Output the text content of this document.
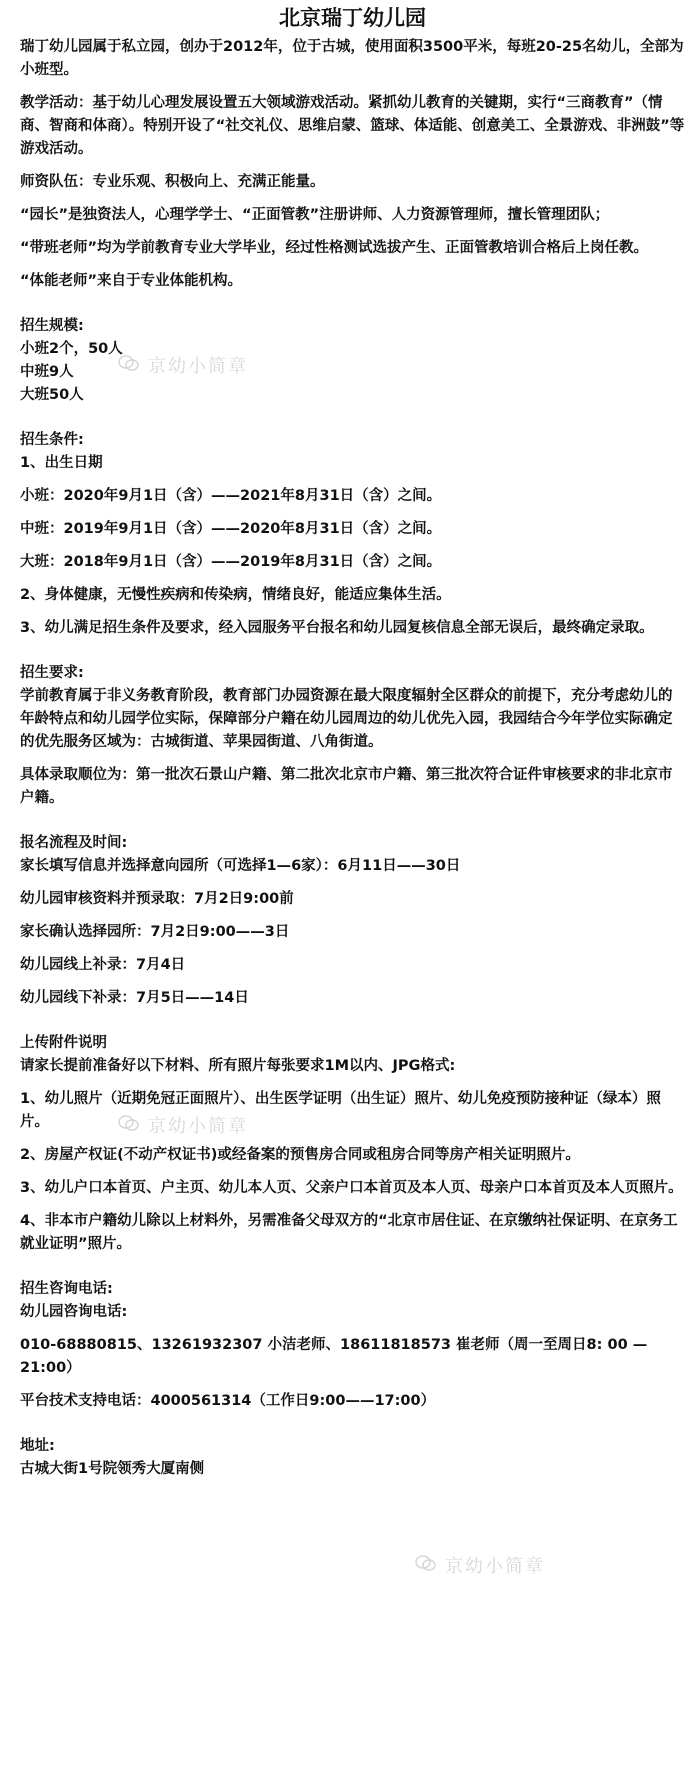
北京瑞丁幼儿园

瑞丁幼儿园属于私立园，创办于2012年，位于古城，使用面积3500平米，每班20-25名幼儿，全部为小班型。

教学活动：基于幼儿心理发展设置五大领域游戏活动。紧抓幼儿教育的关键期，实行“三商教育”（情商、智商和体商）。特别开设了“社交礼仪、思维启蒙、篮球、体适能、创意美工、全景游戏、非洲鼓”等游戏活动。

师资队伍：专业乐观、积极向上、充满正能量。

“园长”是独资法人，心理学学士、“正面管教”注册讲师、人力资源管理师，擅长管理团队；

“带班老师”均为学前教育专业大学毕业，经过性格测试选拔产生、正面管教培训合格后上岗任教。

“体能老师”来自于专业体能机构。

招生规模:
小班2个，50人
中班9人
大班50人

招生条件:
1、出生日期

小班：2020年9月1日（含）——2021年8月31日（含）之间。

中班：2019年9月1日（含）——2020年8月31日（含）之间。

大班：2018年9月1日（含）——2019年8月31日（含）之间。

2、身体健康，无慢性疾病和传染病，情绪良好，能适应集体生活。

3、幼儿满足招生条件及要求，经入园服务平台报名和幼儿园复核信息全部无误后，最终确定录取。

招生要求:
学前教育属于非义务教育阶段，教育部门办园资源在最大限度辐射全区群众的前提下，充分考虑幼儿的年龄特点和幼儿园学位实际，保障部分户籍在幼儿园周边的幼儿优先入园，我园结合今年学位实际确定的优先服务区域为：古城街道、苹果园街道、八角街道。

具体录取顺位为：第一批次石景山户籍、第二批次北京市户籍、第三批次符合证件审核要求的非北京市户籍。

报名流程及时间:
家长填写信息并选择意向园所（可选择1—6家）：6月11日——30日

幼儿园审核资料并预录取：7月2日9:00前

家长确认选择园所：7月2日9:00——3日

幼儿园线上补录：7月4日

幼儿园线下补录：7月5日——14日

上传附件说明
请家长提前准备好以下材料、所有照片每张要求1M以内、JPG格式:

1、幼儿照片（近期免冠正面照片）、出生医学证明（出生证）照片、幼儿免疫预防接种证（绿本）照片。

2、房屋产权证(不动产权证书)或经备案的预售房合同或租房合同等房产相关证明照片。

3、幼儿户口本首页、户主页、幼儿本人页、父亲户口本首页及本人页、母亲户口本首页及本人页照片。

4、非本市户籍幼儿除以上材料外，另需准备父母双方的“北京市居住证、在京缴纳社保证明、在京务工就业证明”照片。

招生咨询电话:
幼儿园咨询电话:

010-68880815、13261932307 小洁老师、18611818573 崔老师（周一至周日8: 00 —21:00）

平台技术支持电话：4000561314（工作日9:00——17:00）

地址:
古城大街1号院领秀大厦南侧

京幼小简章
京幼小简章
京幼小简章
